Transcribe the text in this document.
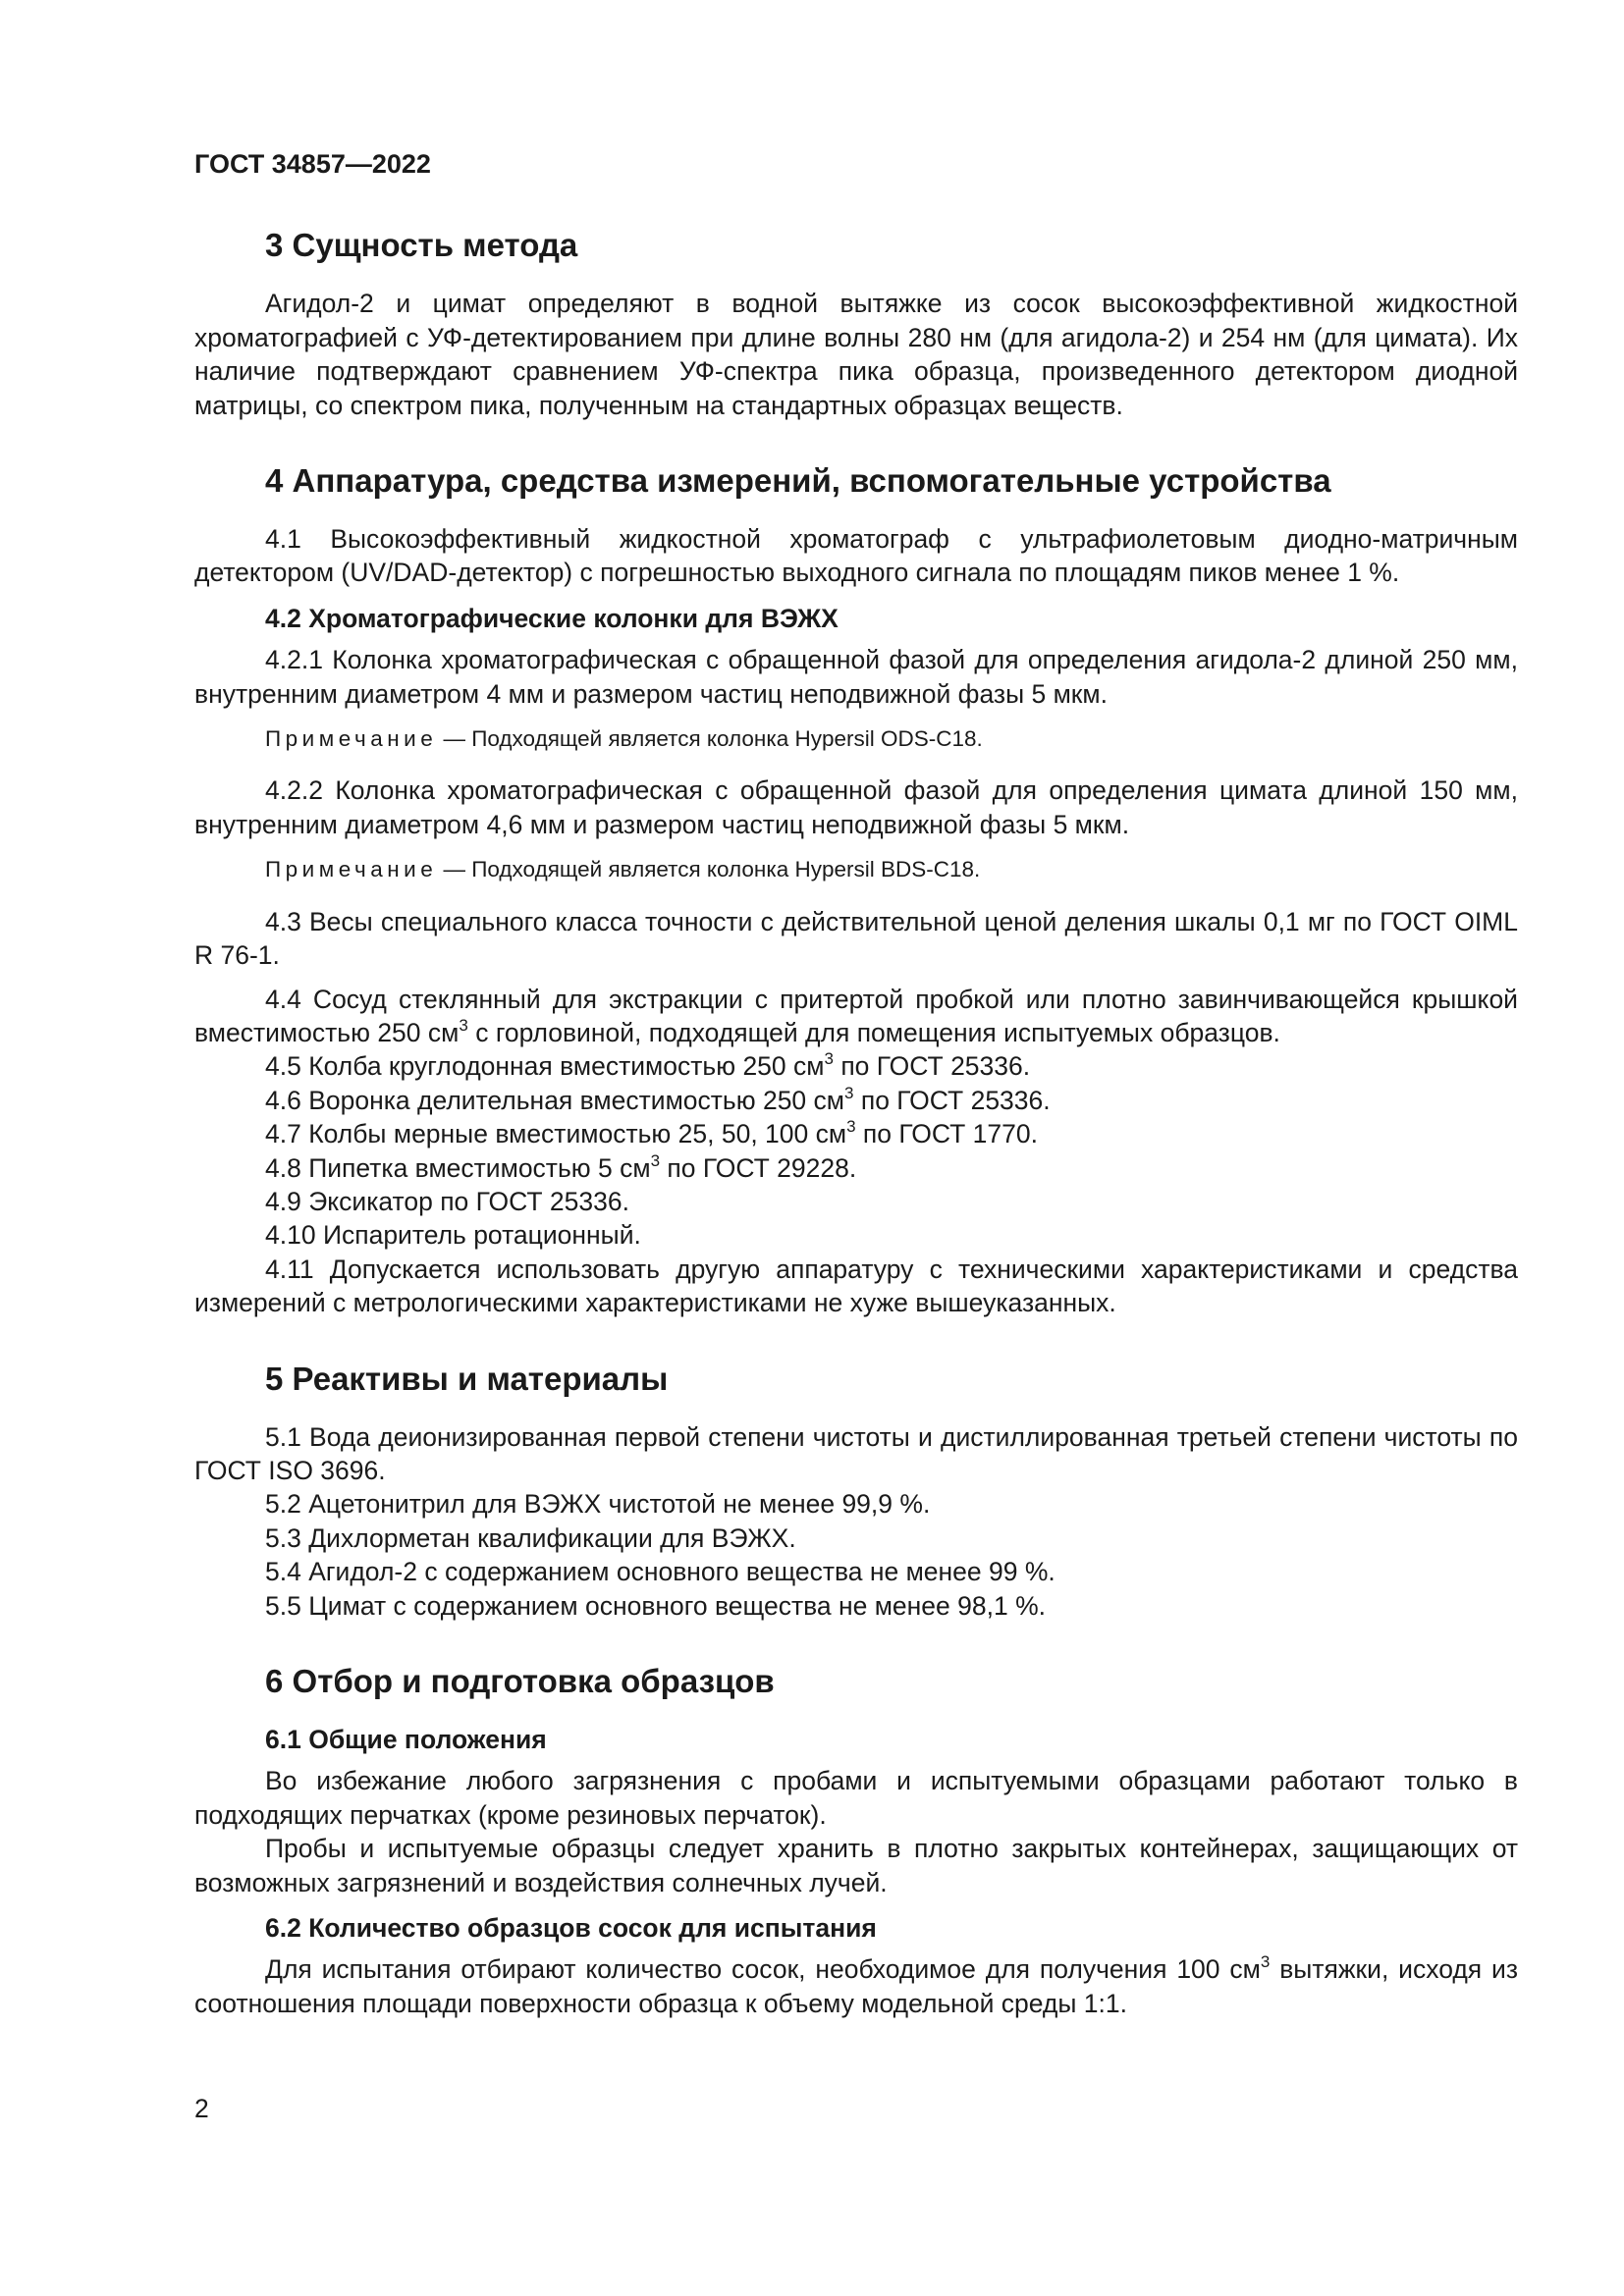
ГОСТ 34857—2022
3 Сущность метода

Агидол-2 и цимат определяют в водной вытяжке из сосок высокоэффективной жидкостной хроматографией с УФ-детектированием при длине волны 280 нм (для агидола-2) и 254 нм (для цимата). Их наличие подтверждают сравнением УФ-спектра пика образца, произведенного детектором диодной матрицы, со спектром пика, полученным на стандартных образцах веществ.

4 Аппаратура, средства измерений, вспомогательные устройства

4.1 Высокоэффективный жидкостной хроматограф с ультрафиолетовым диодно-матричным детектором (UV/DAD-детектор) с погрешностью выходного сигнала по площадям пиков менее 1 %.

4.2 Хроматографические колонки для ВЭЖХ

4.2.1 Колонка хроматографическая с обращенной фазой для определения агидола-2 длиной 250 мм, внутренним диаметром 4 мм и размером частиц неподвижной фазы 5 мкм.

Примечание — Подходящей является колонка Hypersil ODS-C18.

4.2.2 Колонка хроматографическая с обращенной фазой для определения цимата длиной 150 мм, внутренним диаметром 4,6 мм и размером частиц неподвижной фазы 5 мкм.

Примечание — Подходящей является колонка Hypersil BDS-C18.

4.3 Весы специального класса точности с действительной ценой деления шкалы 0,1 мг по ГОСТ OIML R 76-1.

4.4 Сосуд стеклянный для экстракции с притертой пробкой или плотно завинчивающейся крышкой вместимостью 250 $см^3$ с горловиной, подходящей для помещения испытуемых образцов.

4.5 Колба круглодонная вместимостью 250 $см^3$ по ГОСТ 25336.

4.6 Воронка делительная вместимостью 250 $см^3$ по ГОСТ 25336.

4.7 Колбы мерные вместимостью 25, 50, 100 $см^3$ по ГОСТ 1770.

4.8 Пипетка вместимостью 5 $см^3$ по ГОСТ 29228.

4.9 Эксикатор по ГОСТ 25336.

4.10 Испаритель ротационный.

4.11 Допускается использовать другую аппаратуру с техническими характеристиками и средства измерений с метрологическими характеристиками не хуже вышеуказанных.

5 Реактивы и материалы

5.1 Вода деионизированная первой степени чистоты и дистиллированная третьей степени чистоты по ГОСТ ISO 3696.

5.2 Ацетонитрил для ВЭЖХ чистотой не менее 99,9 %.

5.3 Дихлорметан квалификации для ВЭЖХ.

5.4 Агидол-2 с содержанием основного вещества не менее 99 %.

5.5 Цимат с содержанием основного вещества не менее 98,1 %.

6 Отбор и подготовка образцов
6.1 Общие положения

Во избежание любого загрязнения с пробами и испытуемыми образцами работают только в подходящих перчатках (кроме резиновых перчаток).

Пробы и испытуемые образцы следует хранить в плотно закрытых контейнерах, защищающих от возможных загрязнений и воздействия солнечных лучей.

6.2 Количество образцов сосок для испытания

Для испытания отбирают количество сосок, необходимое для получения 100 $см^3$ вытяжки, исходя из соотношения площади поверхности образца к объему модельной среды 1:1.

2
